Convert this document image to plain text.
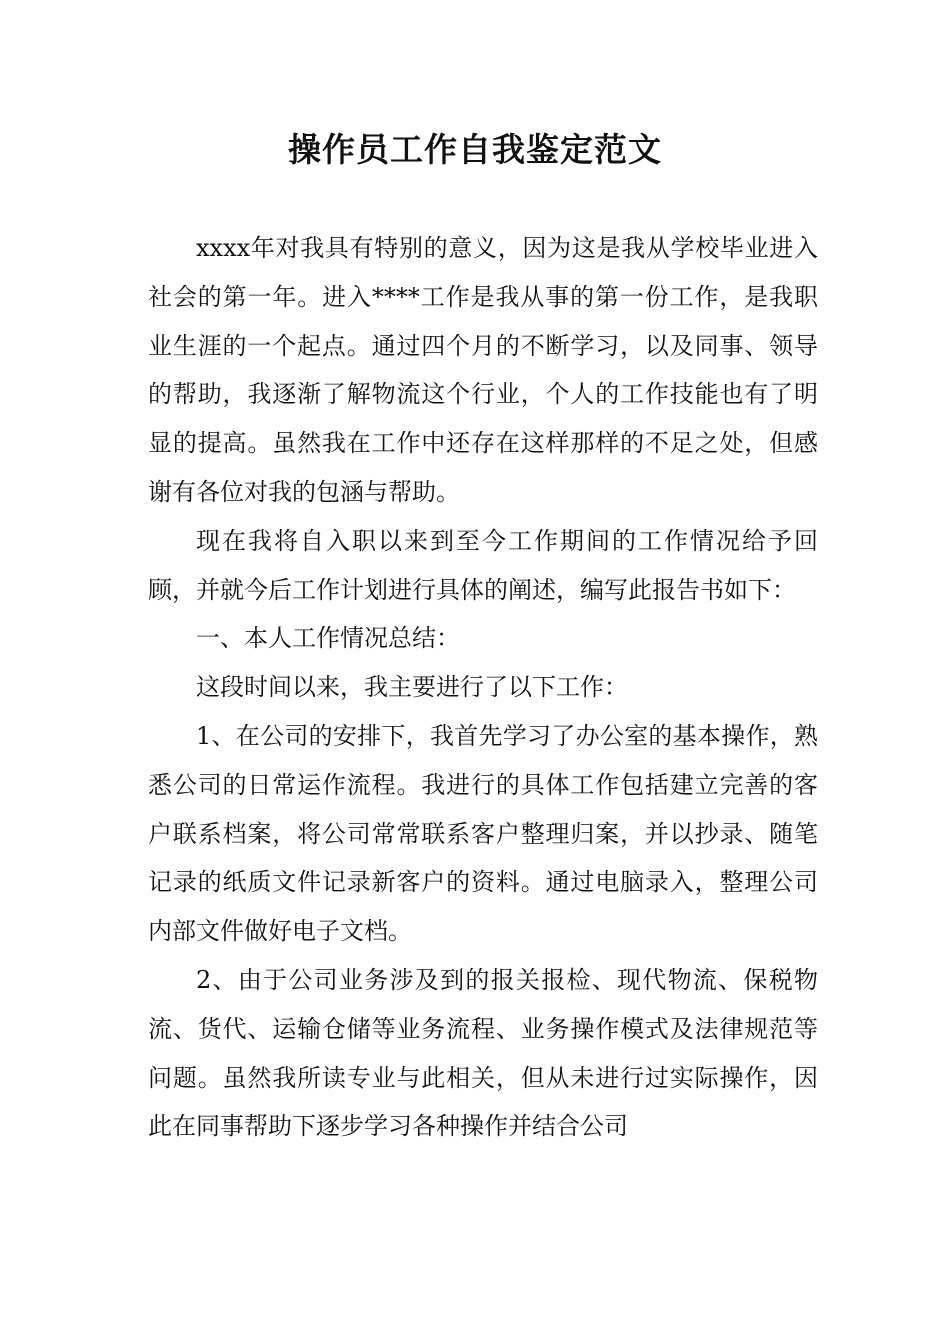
操作员工作自我鉴定范文

xxxx年对我具有特别的意义，因为这是我从学校毕业进入社会的第一年。进入****工作是我从事的第一份工作，是我职业生涯的一个起点。通过四个月的不断学习，以及同事、领导的帮助，我逐渐了解物流这个行业，个人的工作技能也有了明显的提高。虽然我在工作中还存在这样那样的不足之处，但感谢有各位对我的包涵与帮助。

现在我将自入职以来到至今工作期间的工作情况给予回顾，并就今后工作计划进行具体的阐述，编写此报告书如下：

一、本人工作情况总结：

这段时间以来，我主要进行了以下工作：

1、在公司的安排下，我首先学习了办公室的基本操作，熟悉公司的日常运作流程。我进行的具体工作包括建立完善的客户联系档案，将公司常常联系客户整理归案，并以抄录、随笔记录的纸质文件记录新客户的资料。通过电脑录入，整理公司内部文件做好电子文档。

2、由于公司业务涉及到的报关报检、现代物流、保税物流、货代、运输仓储等业务流程、业务操作模式及法律规范等问题。虽然我所读专业与此相关，但从未进行过实际操作，因此在同事帮助下逐步学习各种操作并结合公司
